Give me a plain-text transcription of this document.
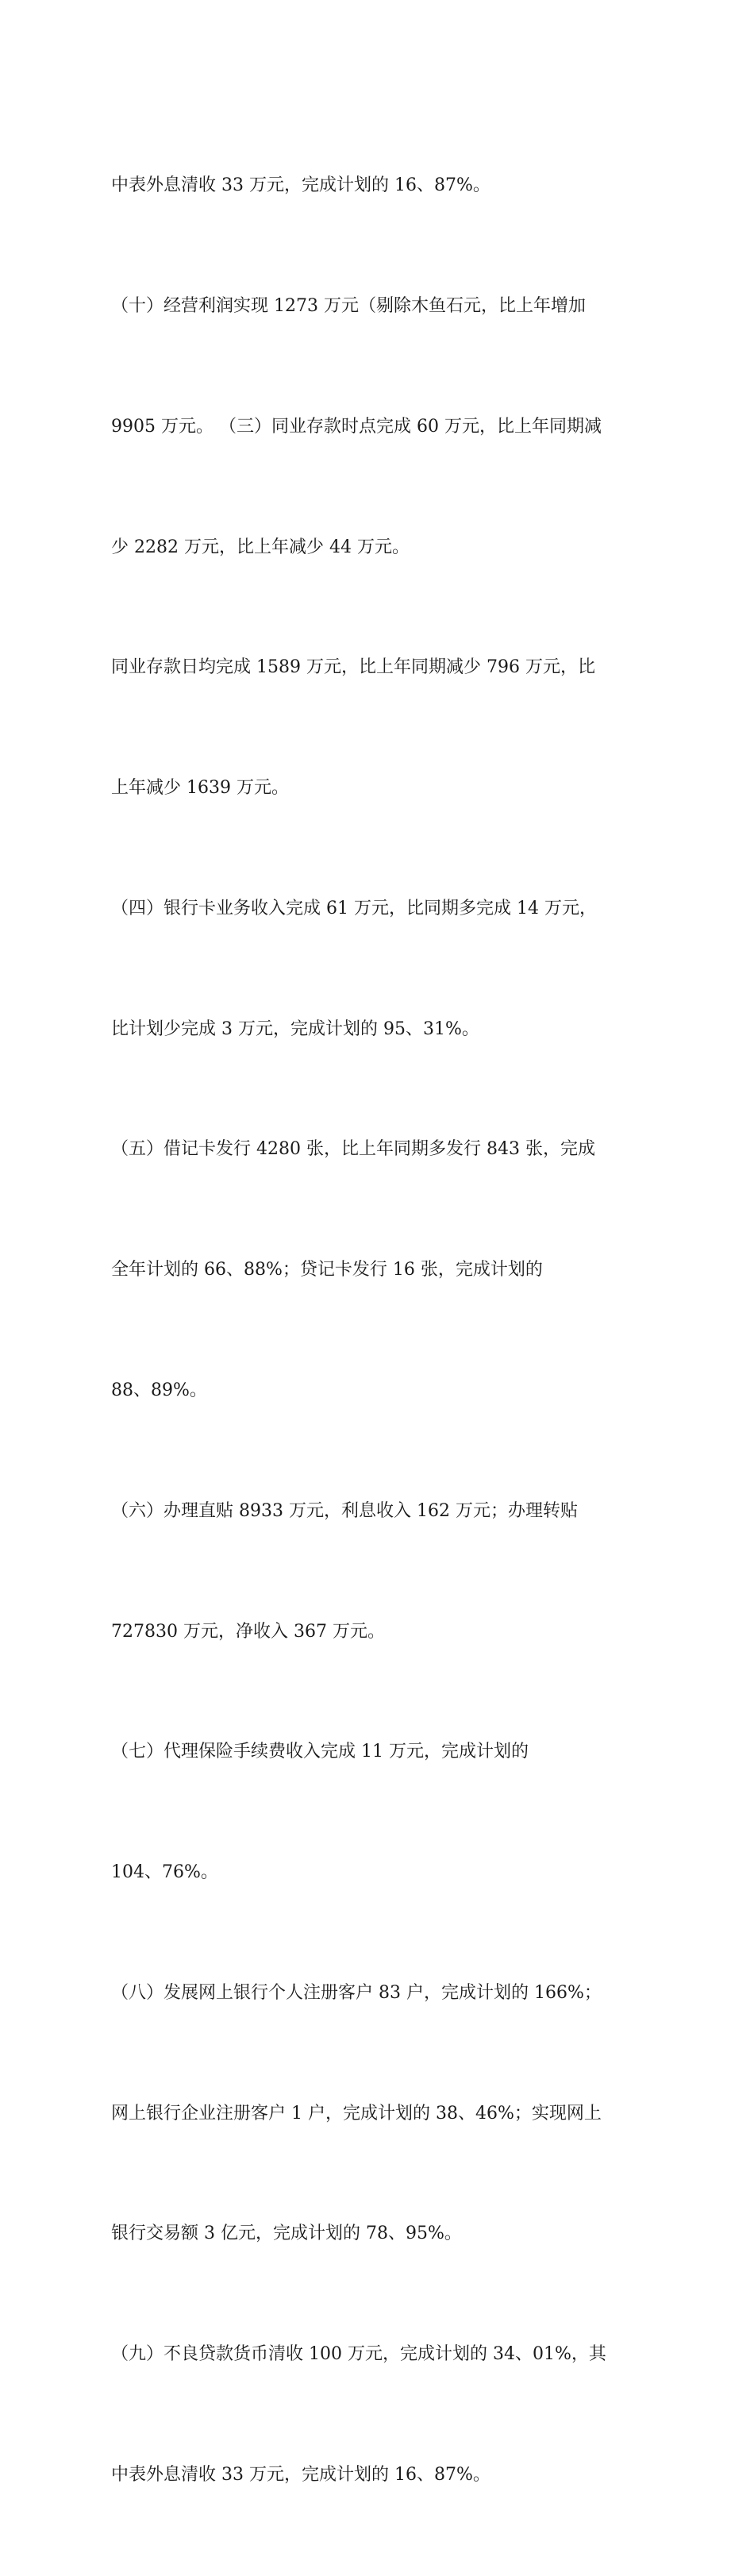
中表外息清收 33 万元，完成计划的 16、87%。

（十）经营利润实现 1273 万元（剔除木鱼石元，比上年增加

9905 万元。 （三）同业存款时点完成 60 万元，比上年同期减

少 2282 万元，比上年减少 44 万元。

同业存款日均完成 1589 万元，比上年同期减少 796 万元，比

上年减少 1639 万元。

（四）银行卡业务收入完成 61 万元，比同期多完成 14 万元，

比计划少完成 3 万元，完成计划的 95、31%。

（五）借记卡发行 4280 张，比上年同期多发行 843 张，完成

全年计划的 66、88%；贷记卡发行 16 张，完成计划的

88、89%。

（六）办理直贴 8933 万元，利息收入 162 万元；办理转贴

727830 万元，净收入 367 万元。

（七）代理保险手续费收入完成 11 万元，完成计划的

104、76%。

（八）发展网上银行个人注册客户 83 户，完成计划的 166%；

网上银行企业注册客户 1 户，完成计划的 38、46%；实现网上

银行交易额 3 亿元，完成计划的 78、95%。

（九）不良贷款货币清收 100 万元，完成计划的 34、01%，其

中表外息清收 33 万元，完成计划的 16、87%。
